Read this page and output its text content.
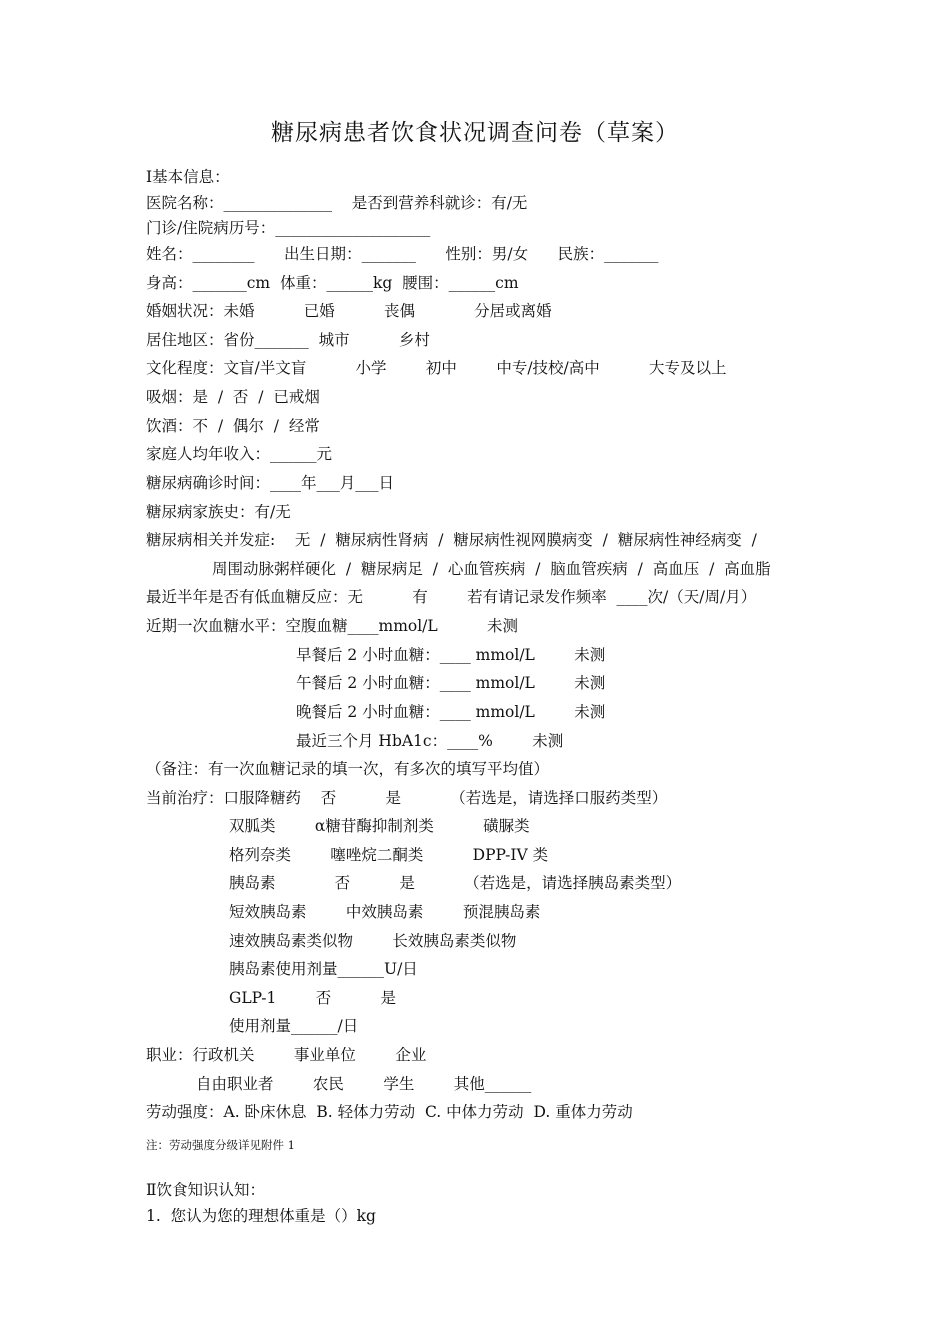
糖尿病患者饮食状况调查问卷（草案）
Ⅰ基本信息：
医院名称：______________    是否到营养科就诊：有/无
门诊/住院病历号：____________________
姓名：________      出生日期：_______      性别：男/女      民族：_______
身高：_______cm  体重：______kg  腰围：______cm
婚姻状况：未婚          已婚          丧偶            分居或离婚
居住地区：省份_______  城市          乡村
文化程度：文盲/半文盲          小学        初中        中专/技校/高中          大专及以上
吸烟：是  /  否  /  已戒烟
饮酒：不  /  偶尔  /  经常
家庭人均年收入：______元
糖尿病确诊时间：____年___月___日
糖尿病家族史：有/无
糖尿病相关并发症:    无  /  糖尿病性肾病  /  糖尿病性视网膜病变  /  糖尿病性神经病变  /
周围动脉粥样硬化  /  糖尿病足  /  心血管疾病  /  脑血管疾病  /  高血压  /  高血脂
最近半年是否有低血糖反应：无          有        若有请记录发作频率  ____次/（天/周/月）
近期一次血糖水平：空腹血糖____mmol/L          未测
早餐后 2 小时血糖：____ mmol/L        未测
午餐后 2 小时血糖：____ mmol/L        未测
晚餐后 2 小时血糖：____ mmol/L        未测
最近三个月 HbA1c：____%        未测
（备注：有一次血糖记录的填一次，有多次的填写平均值）
当前治疗：口服降糖药    否          是          （若选是，请选择口服药类型）
双胍类        α糖苷酶抑制剂类          磺脲类
格列奈类        噻唑烷二酮类          DPP-IV 类
胰岛素            否          是          （若选是，请选择胰岛素类型）
短效胰岛素        中效胰岛素        预混胰岛素
速效胰岛素类似物        长效胰岛素类似物
胰岛素使用剂量______U/日
GLP-1        否          是
使用剂量______/日
职业：行政机关        事业单位        企业
自由职业者        农民        学生        其他______
劳动强度：A. 卧床休息  B. 轻体力劳动  C. 中体力劳动  D. 重体力劳动
注：劳动强度分级详见附件 1
Ⅱ饮食知识认知：
1.  您认为您的理想体重是（）kg
